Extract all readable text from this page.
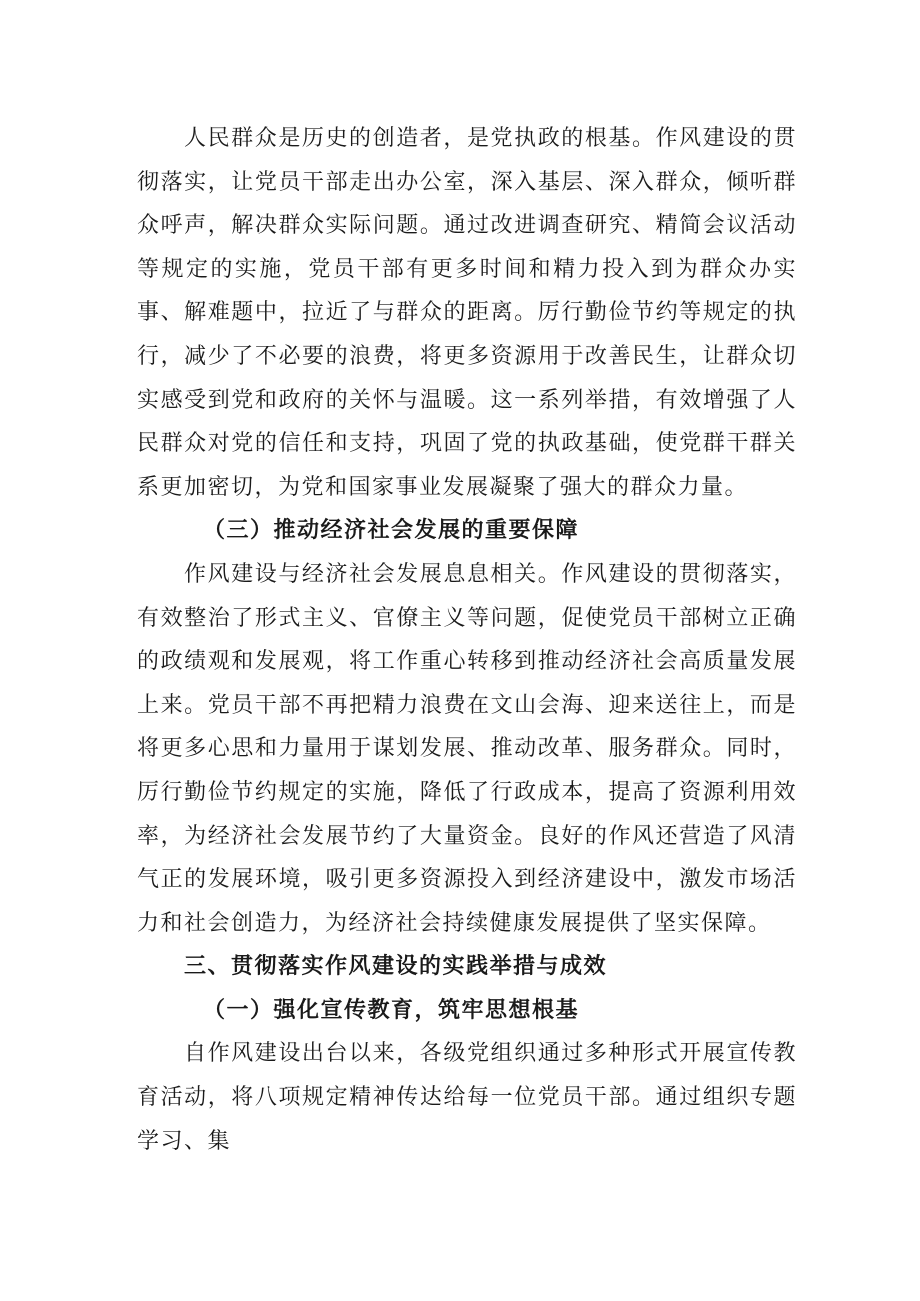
人民群众是历史的创造者，是党执政的根基。作风建设的贯彻落实，让党员干部走出办公室，深入基层、深入群众，倾听群众呼声，解决群众实际问题。通过改进调查研究、精简会议活动等规定的实施，党员干部有更多时间和精力投入到为群众办实事、解难题中，拉近了与群众的距离。厉行勤俭节约等规定的执行，减少了不必要的浪费，将更多资源用于改善民生，让群众切实感受到党和政府的关怀与温暖。这一系列举措，有效增强了人民群众对党的信任和支持，巩固了党的执政基础，使党群干群关系更加密切，为党和国家事业发展凝聚了强大的群众力量。

（三）推动经济社会发展的重要保障

作风建设与经济社会发展息息相关。作风建设的贯彻落实，有效整治了形式主义、官僚主义等问题，促使党员干部树立正确的政绩观和发展观，将工作重心转移到推动经济社会高质量发展上来。党员干部不再把精力浪费在文山会海、迎来送往上，而是将更多心思和力量用于谋划发展、推动改革、服务群众。同时，厉行勤俭节约规定的实施，降低了行政成本，提高了资源利用效率，为经济社会发展节约了大量资金。良好的作风还营造了风清气正的发展环境，吸引更多资源投入到经济建设中，激发市场活力和社会创造力，为经济社会持续健康发展提供了坚实保障。

三、贯彻落实作风建设的实践举措与成效
（一）强化宣传教育，筑牢思想根基

自作风建设出台以来，各级党组织通过多种形式开展宣传教育活动，将八项规定精神传达给每一位党员干部。通过组织专题学习、集
